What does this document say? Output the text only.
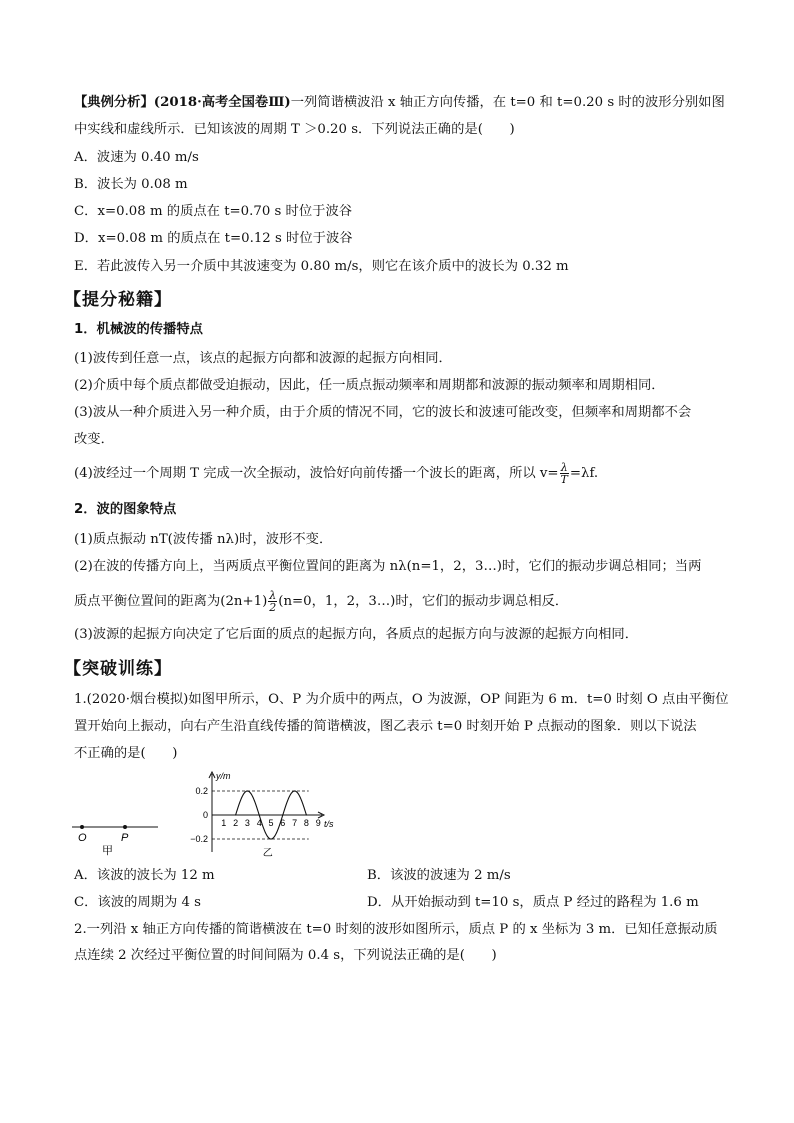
【典例分析】(2018·高考全国卷Ⅲ)一列简谐横波沿 x 轴正方向传播，在 t=0 和 t=0.20 s 时的波形分别如图
中实线和虚线所示．已知该波的周期 T ＞0.20 s．下列说法正确的是(　　)
A．波速为 0.40 m/s
B．波长为 0.08 m
C．x=0.08 m 的质点在 t=0.70 s 时位于波谷
D．x=0.08 m 的质点在 t=0.12 s 时位于波谷
E．若此波传入另一介质中其波速变为 0.80 m/s，则它在该介质中的波长为 0.32 m
【提分秘籍】
1．机械波的传播特点
(1)波传到任意一点，该点的起振方向都和波源的起振方向相同．
(2)介质中每个质点都做受迫振动，因此，任一质点振动频率和周期都和波源的振动频率和周期相同．
(3)波从一种介质进入另一种介质，由于介质的情况不同，它的波长和波速可能改变，但频率和周期都不会
改变．
(4)波经过一个周期 T 完成一次全振动，波恰好向前传播一个波长的距离，所以 $v= \frac{\lambda}{T} =\lambda f$.
2．波的图象特点
(1)质点振动 nT(波传播 nλ)时，波形不变．
(2)在波的传播方向上，当两质点平衡位置间的距离为 nλ(n=1，2，3…)时，它们的振动步调总相同；当两
质点平衡位置间的距离为$(2n+1) \frac{\lambda}{2} (n=0$，1，2，3…)时，它们的振动步调总相反．
(3)波源的起振方向决定了它后面的质点的起振方向，各质点的起振方向与波源的起振方向相同．
【突破训练】
1.(2020·烟台模拟)如图甲所示，O、P 为介质中的两点，O 为波源，OP 间距为 6 m．t=0 时刻 O 点由平衡位
置开始向上振动，向右产生沿直线传播的简谐横波，图乙表示 t=0 时刻开始 P 点振动的图象．则以下说法
不正确的是(　　)
O	P
甲
y/m
t/s
0.2
0
−0.2
1 2 3 4 5 6 7 8 9
乙
A．该波的波长为 12 m	B．该波的波速为 2 m/s
C．该波的周期为 4 s	D．从开始振动到 t=10 s，质点 P 经过的路程为 1.6 m
2.一列沿 x 轴正方向传播的简谐横波在 t=0 时刻的波形如图所示，质点 P 的 x 坐标为 3 m．已知任意振动质
点连续 2 次经过平衡位置的时间间隔为 0.4 s，下列说法正确的是(　　)
